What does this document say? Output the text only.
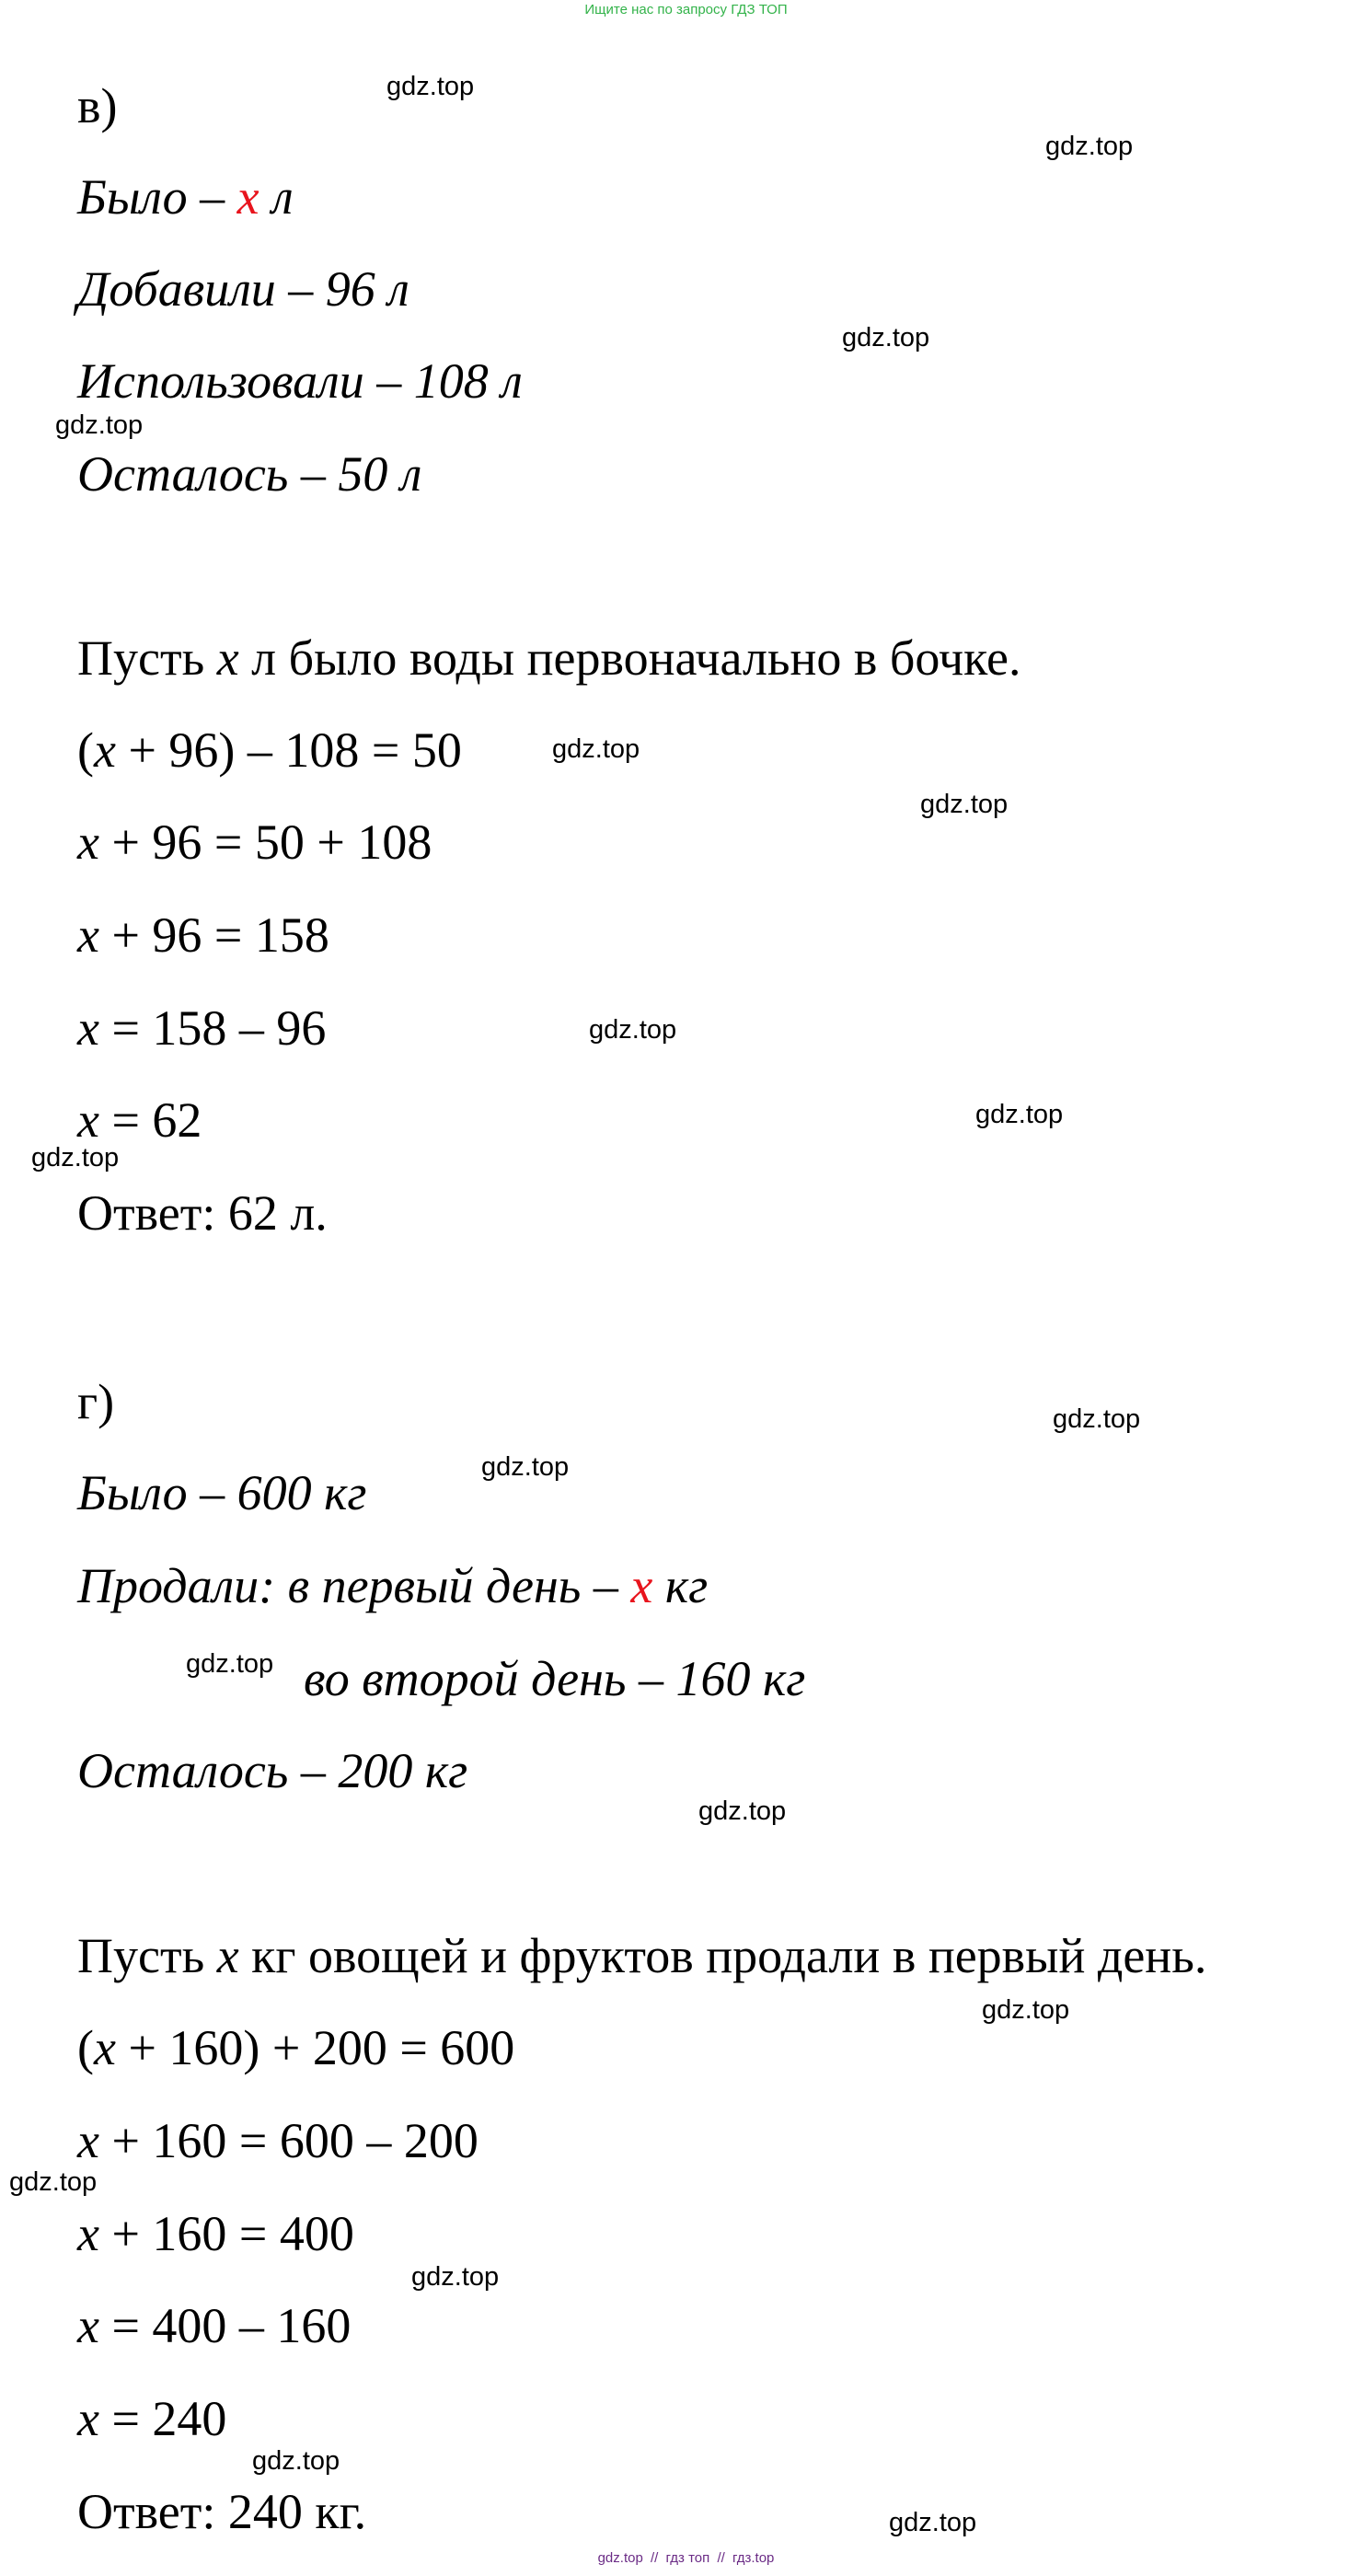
Ищите нас по запросу ГДЗ ТОП
в)
Было – x л
Добавили – 96 л
Использовали – 108 л
Осталось – 50 л
Пусть x л было воды первоначально в бочке.
(x + 96) – 108 = 50
x + 96 = 50 + 108
x + 96 = 158
x = 158 – 96
x = 62
Ответ: 62 л.
г)
Было – 600 кг
Продали: в первый день – x кг
во второй день – 160 кг
Осталось – 200 кг
Пусть x кг овощей и фруктов продали в первый день.
(x + 160) + 200 = 600
x + 160 = 600 – 200
x + 160 = 400
x = 400 – 160
x = 240
Ответ: 240 кг.
gdz.top
gdz.top
gdz.top
gdz.top
gdz.top
gdz.top
gdz.top
gdz.top
gdz.top
gdz.top
gdz.top
gdz.top
gdz.top
gdz.top
gdz.top
gdz.top
gdz.top
gdz.top
gdz.top // гдз топ // гдз.top
